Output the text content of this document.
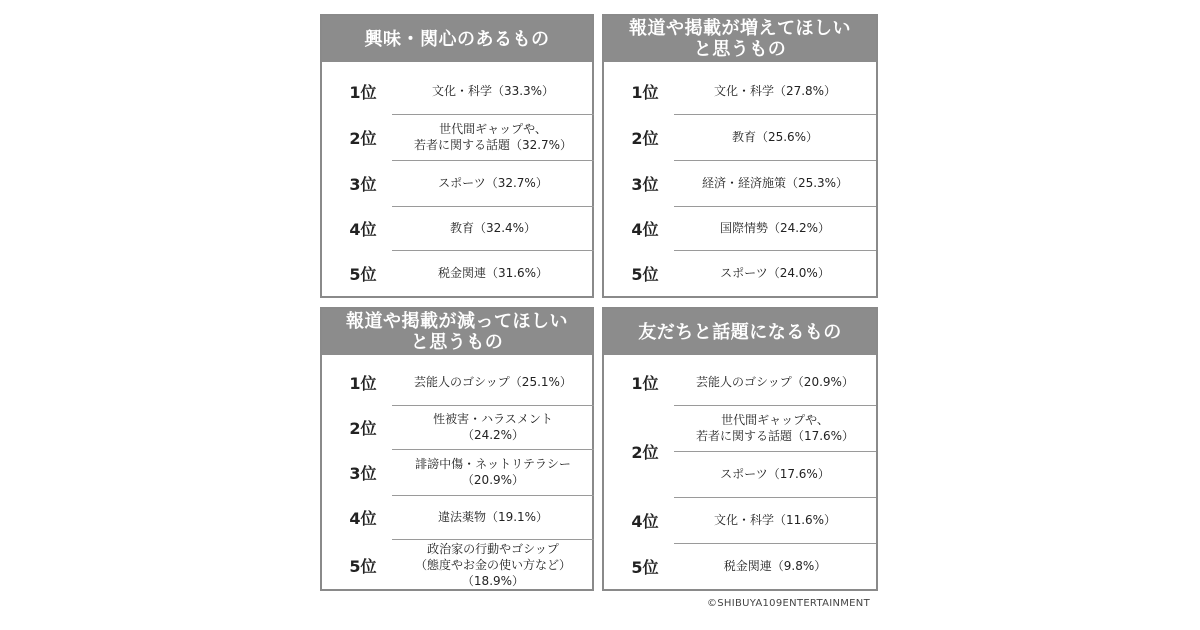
興味・関心のあるもの
1位	文化・科学（33.3%）
2位	世代間ギャップや、
若者に関する話題（32.7%）
3位	スポーツ（32.7%）
4位	教育（32.4%）
5位	税金関連（31.6%）
報道や掲載が増えてほしい
と思うもの
1位	文化・科学（27.8%）
2位	教育（25.6%）
3位	経済・経済施策（25.3%）
4位	国際情勢（24.2%）
5位	スポーツ（24.0%）
報道や掲載が減ってほしい
と思うもの
1位	芸能人のゴシップ（25.1%）
2位	性被害・ハラスメント
（24.2%）
3位	誹謗中傷・ネットリテラシー
（20.9%）
4位	違法薬物（19.1%）
5位
政治家の行動やゴシップ
（態度やお金の使い方など）
（18.9%）
友だちと話題になるもの
1位	芸能人のゴシップ（20.9%）
2位
世代間ギャップや、
若者に関する話題（17.6%）
スポーツ（17.6%）
4位	文化・科学（11.6%）
5位	税金関連（9.8%）
©SHIBUYA109ENTERTAINMENT
